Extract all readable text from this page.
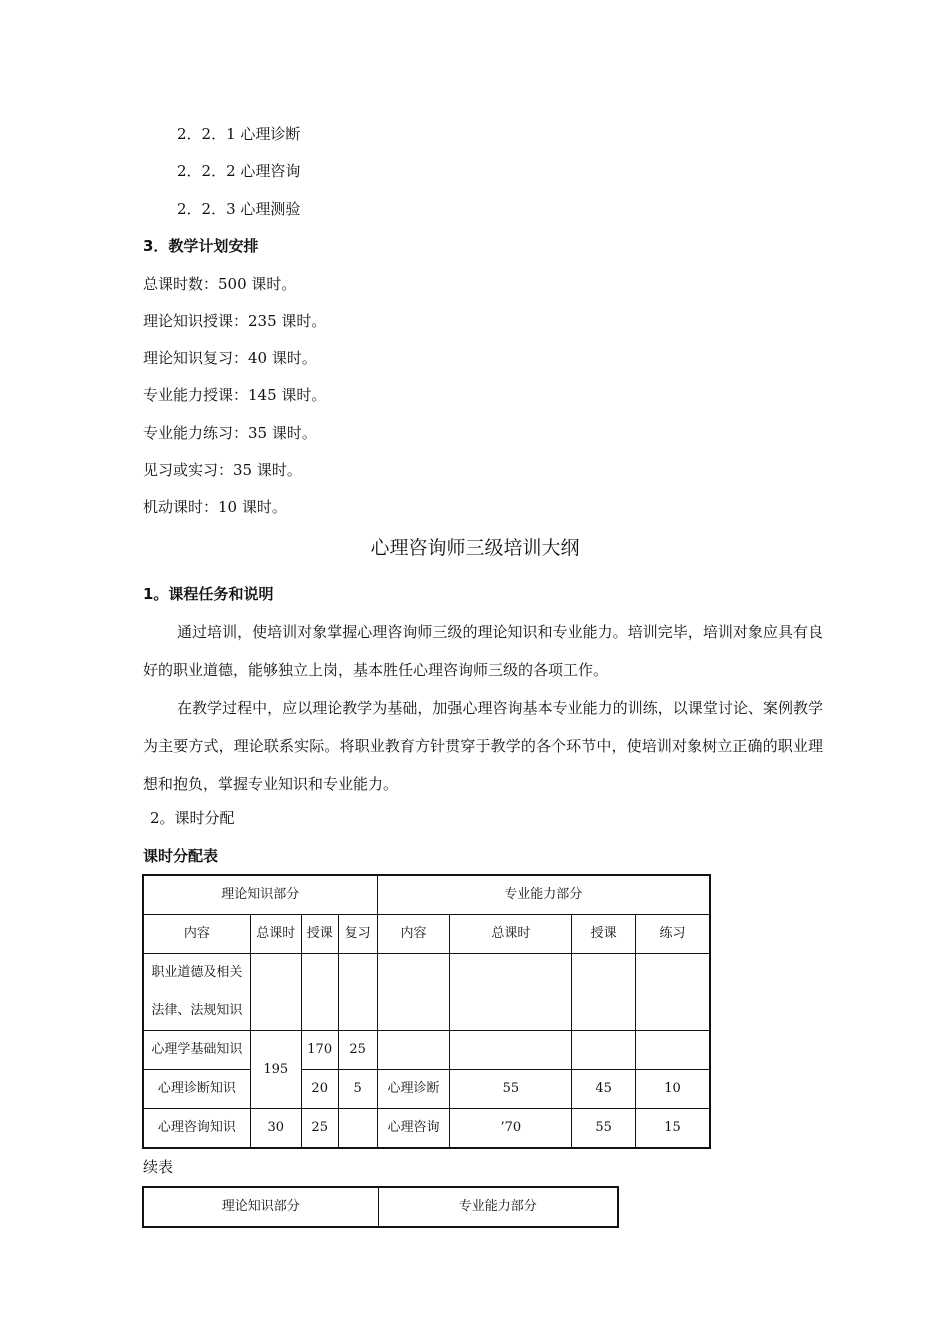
2．2．1 心理诊断
2．2．2 心理咨询
2．2．3 心理测验
3．教学计划安排
总课时数：500 课时。
理论知识授课：235 课时。
理论知识复习：40 课时。
专业能力授课：145 课时。
专业能力练习：35 课时。
见习或实习：35 课时。
机动课时：10 课时。
心理咨询师三级培训大纲
1。课程任务和说明
通过培训，使培训对象掌握心理咨询师三级的理论知识和专业能力。培训完毕，培训对象应具有良好的职业道德，能够独立上岗，基本胜任心理咨询师三级的各项工作。
在教学过程中，应以理论教学为基础，加强心理咨询基本专业能力的训练，以课堂讨论、案例教学为主要方式，理论联系实际。将职业教育方针贯穿于教学的各个环节中，使培训对象树立正确的职业理想和抱负，掌握专业知识和专业能力。
2。课时分配
课时分配表
理论知识部分				专业能力部分			
内容	总课时	授课	复习	内容	总课时	授课	练习

职业道德及相关
法律、法规知识							

心理学基础知识	195	170	25				
心理诊断知识		20	5	心理诊断	55	45	10
心理咨询知识	30	25		心理咨询	’70	55	15
续表
理论知识部分	专业能力部分
